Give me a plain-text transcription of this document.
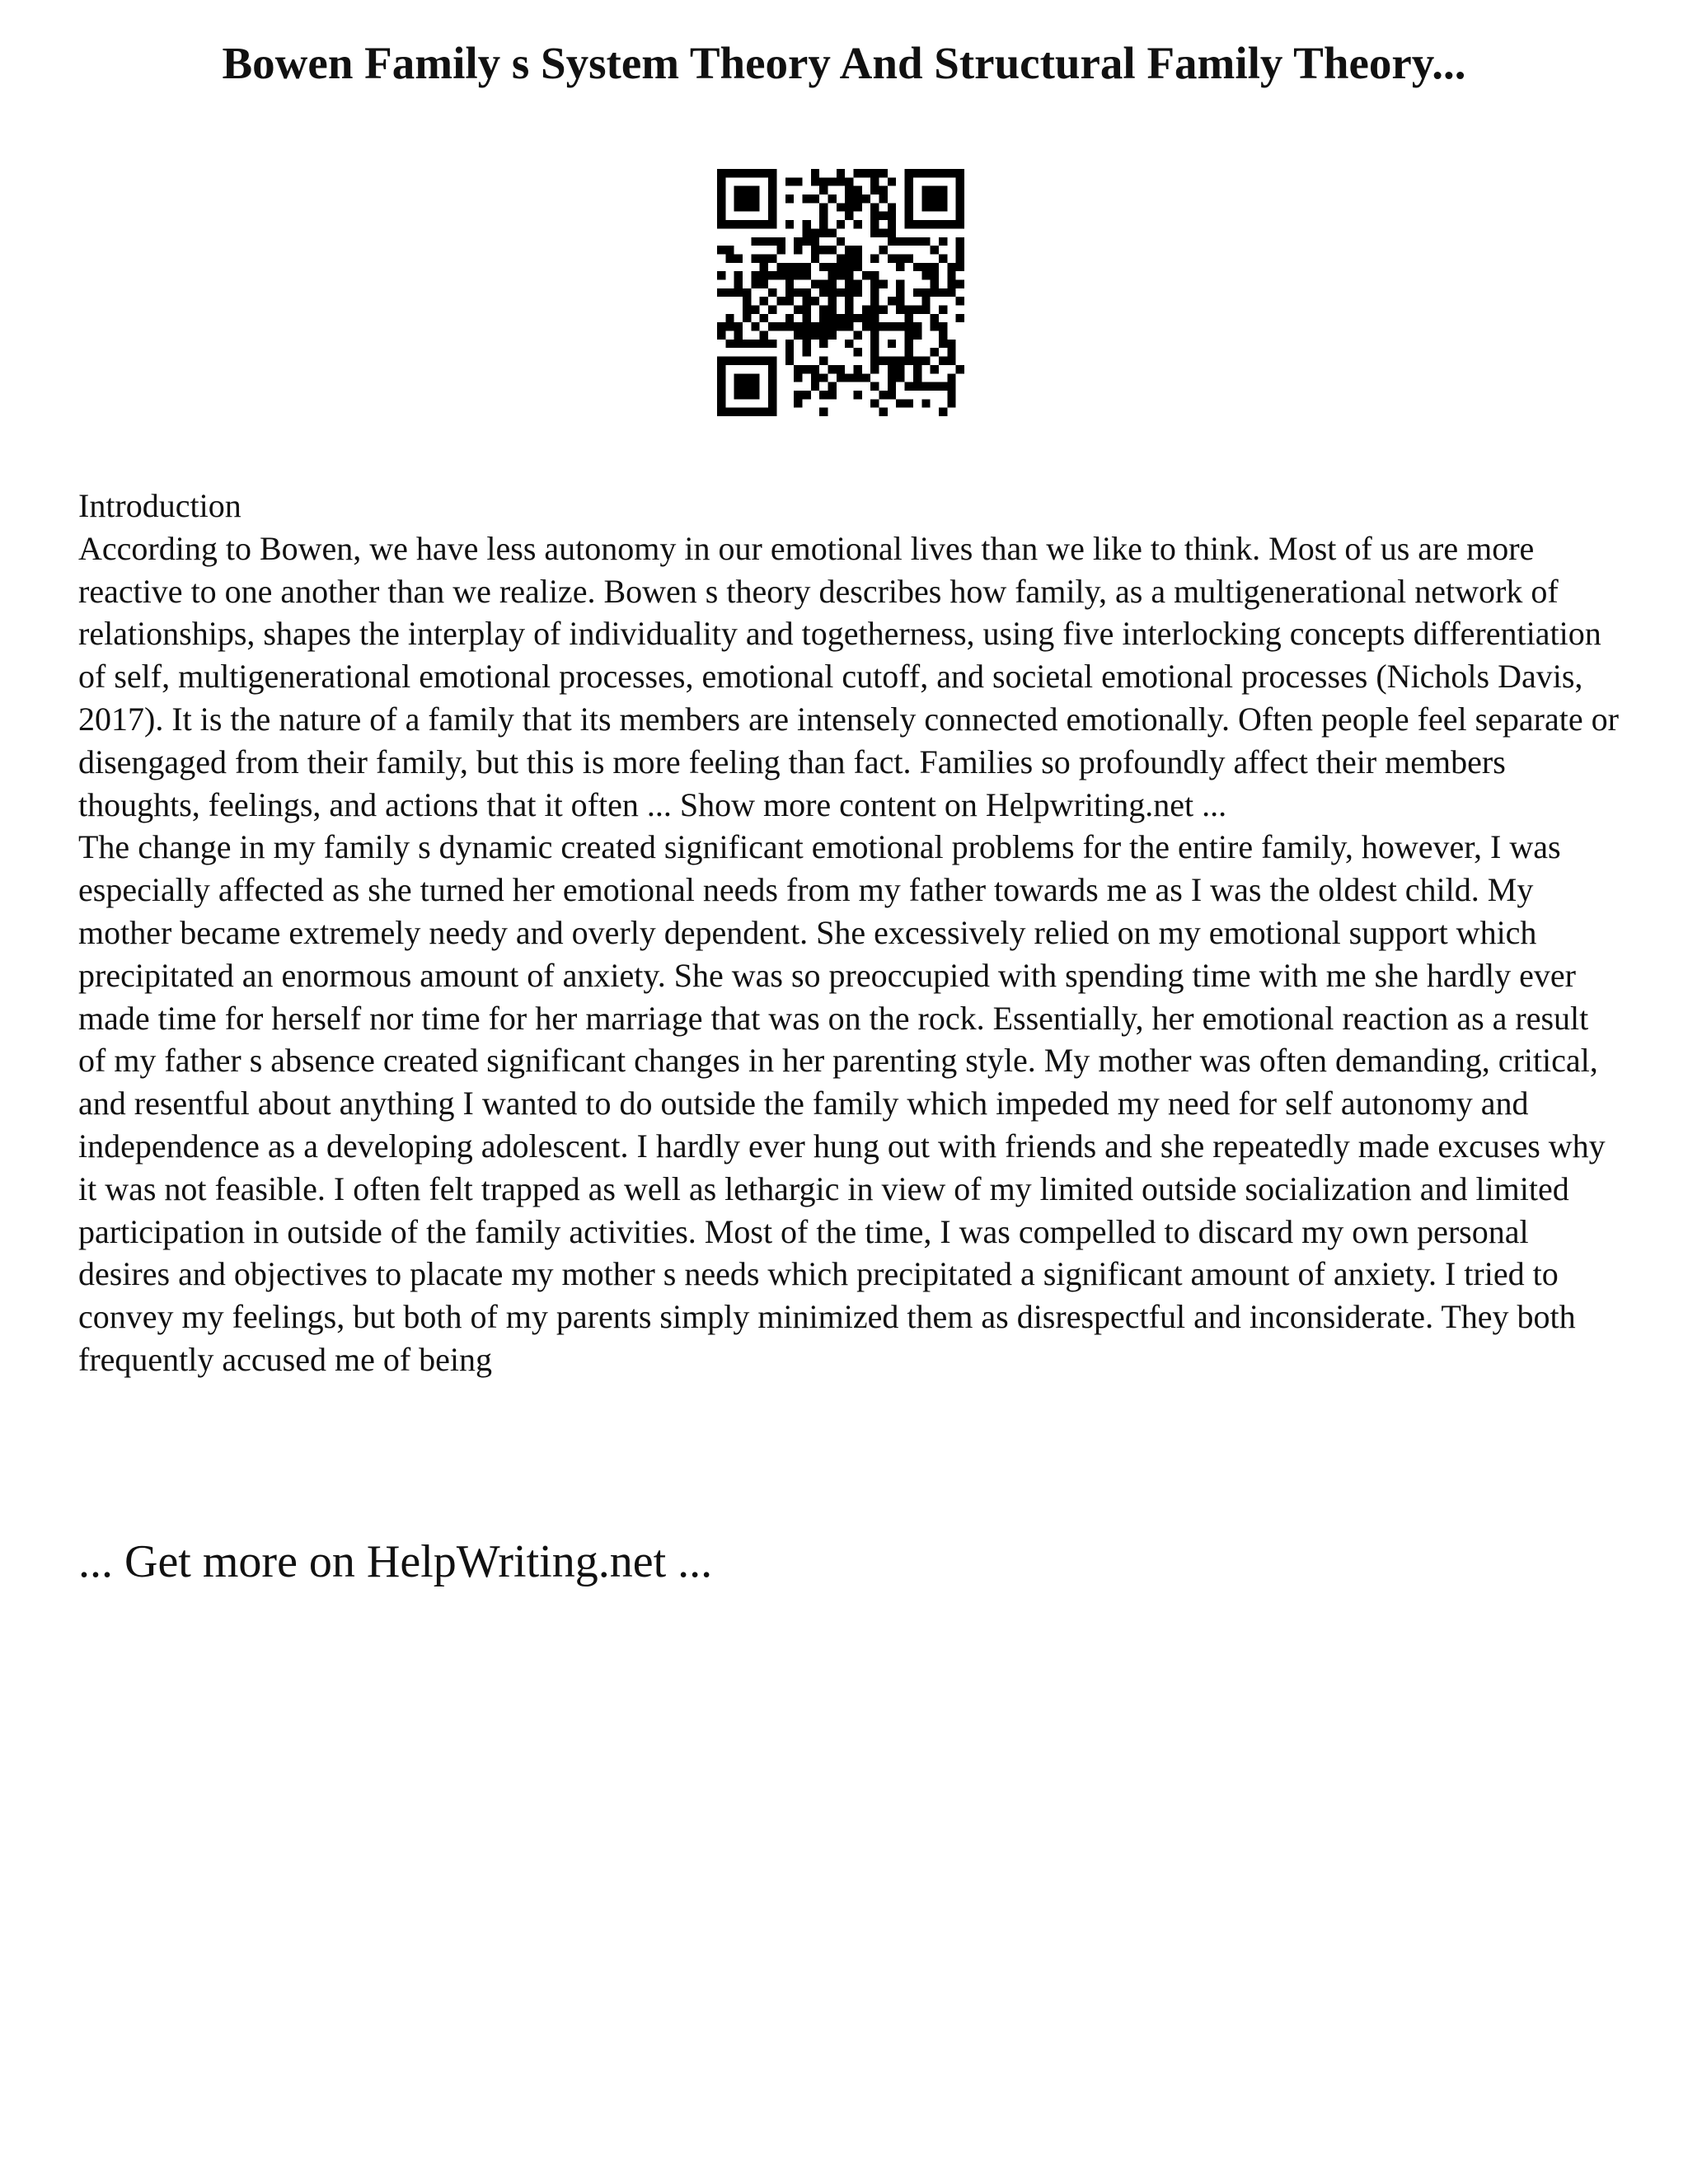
Bowen Family s System Theory And Structural Family Theory...

Introduction

According to Bowen, we have less autonomy in our emotional lives than we like to think. Most of us are more reactive to one another than we realize. Bowen s theory describes how family, as a multigenerational network of relationships, shapes the interplay of individuality and togetherness, using five interlocking concepts differentiation of self, multigenerational emotional processes, emotional cutoff, and societal emotional processes (Nichols Davis, 2017). It is the nature of a family that its members are intensely connected emotionally. Often people feel separate or disengaged from their family, but this is more feeling than fact. Families so profoundly affect their members thoughts, feelings, and actions that it often ... Show more content on Helpwriting.net ...

The change in my family s dynamic created significant emotional problems for the entire family, however, I was especially affected as she turned her emotional needs from my father towards me as I was the oldest child. My mother became extremely needy and overly dependent. She excessively relied on my emotional support which precipitated an enormous amount of anxiety. She was so preoccupied with spending time with me she hardly ever made time for herself nor time for her marriage that was on the rock. Essentially, her emotional reaction as a result of my father s absence created significant changes in her parenting style. My mother was often demanding, critical, and resentful about anything I wanted to do outside the family which impeded my need for self autonomy and independence as a developing adolescent. I hardly ever hung out with friends and she repeatedly made excuses why it was not feasible. I often felt trapped as well as lethargic in view of my limited outside socialization and limited participation in outside of the family activities. Most of the time, I was compelled to discard my own personal desires and objectives to placate my mother s needs which precipitated a significant amount of anxiety. I tried to convey my feelings, but both of my parents simply minimized them as disrespectful and inconsiderate. They both frequently accused me of being

... Get more on HelpWriting.net ...
